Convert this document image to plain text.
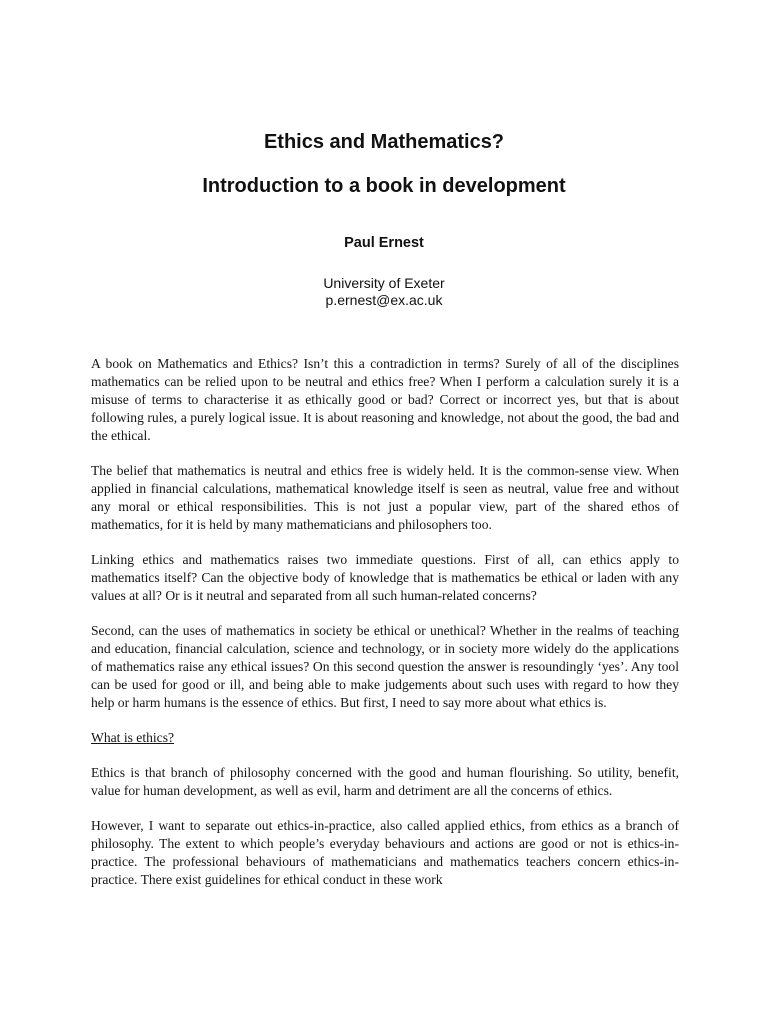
Ethics and Mathematics?
Introduction to a book in development
Paul Ernest
University of Exeter
p.ernest@ex.ac.uk

A book on Mathematics and Ethics? Isn’t this a contradiction in terms? Surely of all of the disciplines mathematics can be relied upon to be neutral and ethics free? When I perform a calculation surely it is a misuse of terms to characterise it as ethically good or bad? Correct or incorrect yes, but that is about following rules, a purely logical issue. It is about reasoning and knowledge, not about the good, the bad and the ethical.

The belief that mathematics is neutral and ethics free is widely held. It is the common-sense view. When applied in financial calculations, mathematical knowledge itself is seen as neutral, value free and without any moral or ethical responsibilities. This is not just a popular view, part of the shared ethos of mathematics, for it is held by many mathematicians and philosophers too.

Linking ethics and mathematics raises two immediate questions. First of all, can ethics apply to mathematics itself? Can the objective body of knowledge that is mathematics be ethical or laden with any values at all? Or is it neutral and separated from all such human-related concerns?

Second, can the uses of mathematics in society be ethical or unethical? Whether in the realms of teaching and education, financial calculation, science and technology, or in society more widely do the applications of mathematics raise any ethical issues? On this second question the answer is resoundingly ‘yes’. Any tool can be used for good or ill, and being able to make judgements about such uses with regard to how they help or harm humans is the essence of ethics. But first, I need to say more about what ethics is.

What is ethics?

Ethics is that branch of philosophy concerned with the good and human flourishing. So utility, benefit, value for human development, as well as evil, harm and detriment are all the concerns of ethics.

However, I want to separate out ethics-in-practice, also called applied ethics, from ethics as a branch of philosophy. The extent to which people’s everyday behaviours and actions are good or not is ethics-in-practice. The professional behaviours of mathematicians and mathematics teachers concern ethics-in-practice. There exist guidelines for ethical conduct in these work
